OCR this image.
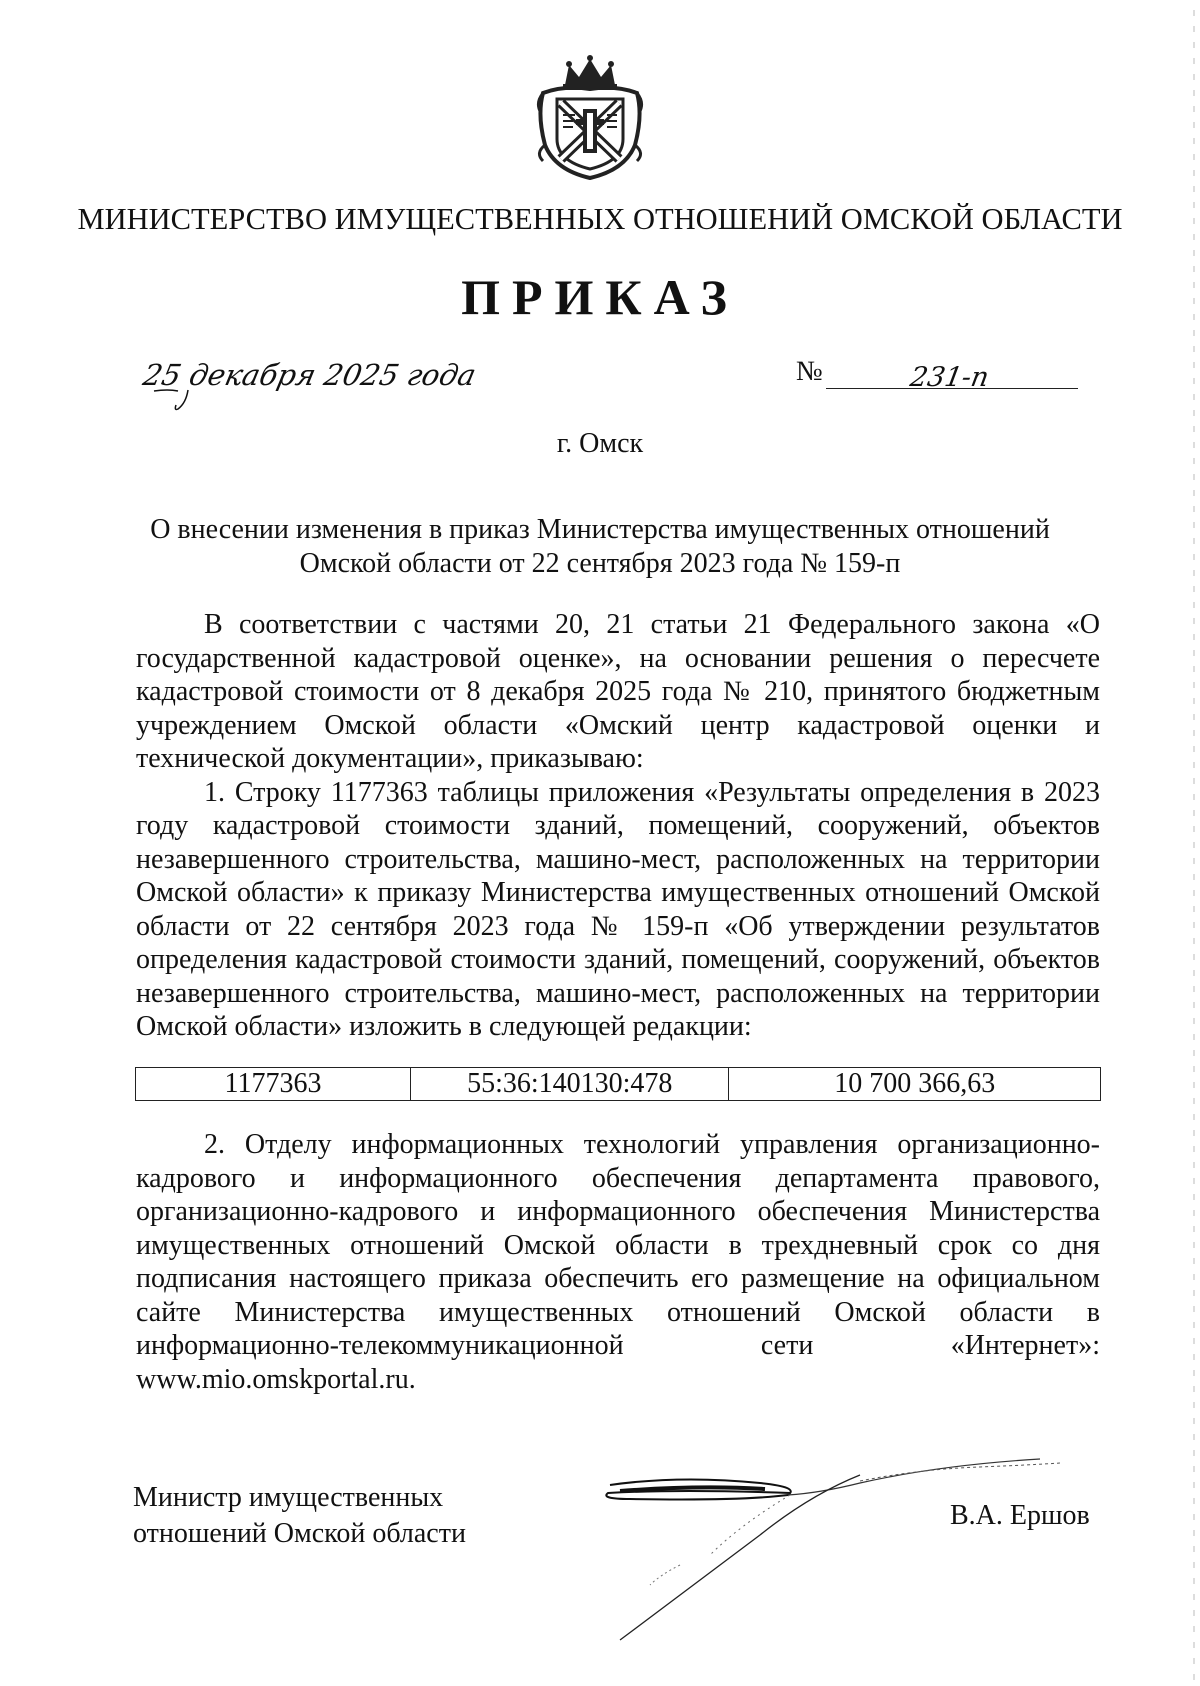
МИНИСТЕРСТВО ИМУЩЕСТВЕННЫХ ОТНОШЕНИЙ ОМСКОЙ ОБЛАСТИ
ПРИКАЗ
25 декабря 2025 года	№	231-п
г. Омск
О внесении изменения в приказ Министерства имущественных отношений
Омской области от 22 сентября 2023 года № 159-п

В соответствии с частями 20, 21 статьи 21 Федерального закона «О государственной кадастровой оценке», на основании решения о пересчете кадастровой стоимости от 8 декабря 2025 года № 210, принятого бюджетным учреждением Омской области «Омский центр кадастровой оценки и технической документации», приказываю:

1. Строку 1177363 таблицы приложения «Результаты определения в 2023 году кадастровой стоимости зданий, помещений, сооружений, объектов незавершенного строительства, машино-мест, расположенных на территории Омской области» к приказу Министерства имущественных отношений Омской области от 22 сентября 2023 года № 159-п «Об утверждении результатов определения кадастровой стоимости зданий, помещений, сооружений, объектов незавершенного строительства, машино-мест, расположенных на территории Омской области» изложить в следующей редакции:

1177363	55:36:140130:478	10 700 366,63

2. Отделу информационных технологий управления организационно-кадрового и информационного обеспечения департамента правового, организационно-кадрового и информационного обеспечения Министерства имущественных отношений Омской области в трехдневный срок со дня подписания настоящего приказа обеспечить его размещение на официальном сайте Министерства имущественных отношений Омской области в информационно-телекоммуникационной сети «Интернет»: www.mio.omskportal.ru.

Министр имущественных
отношений Омской области
В.А. Ершов
